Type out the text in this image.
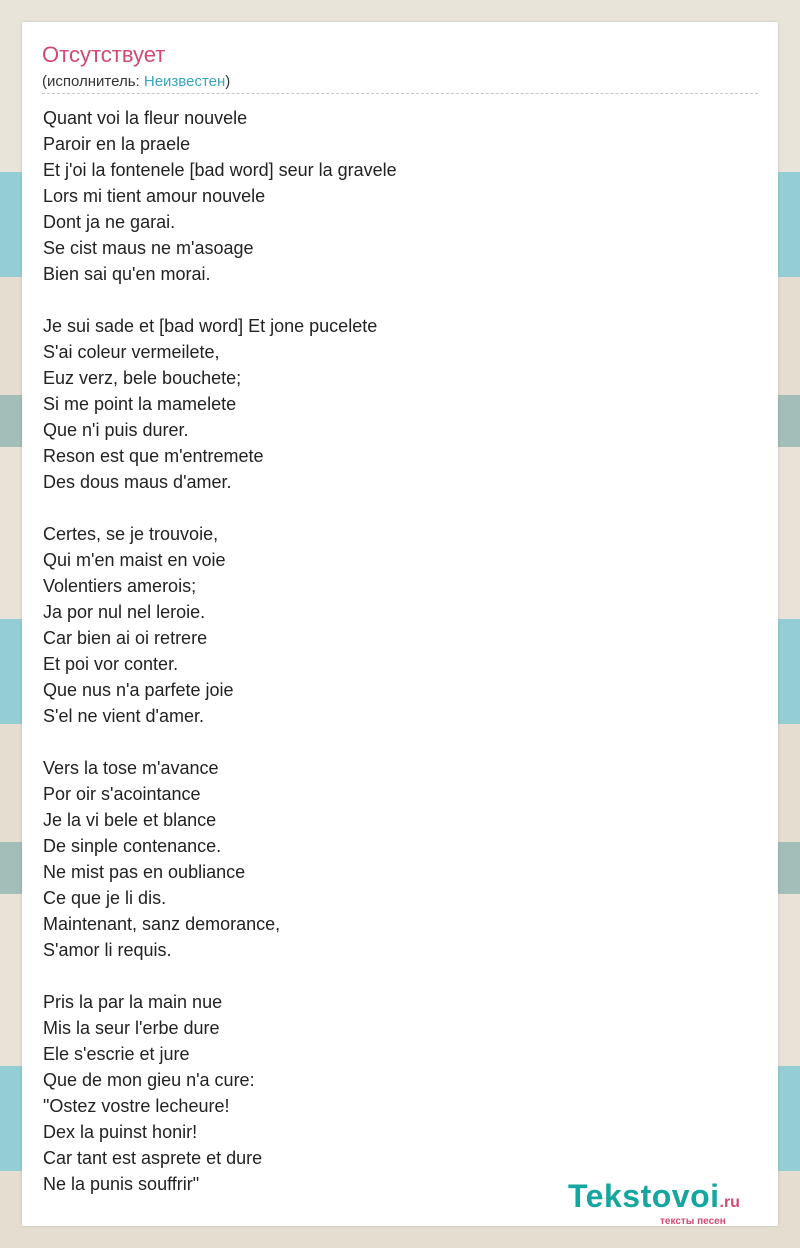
Отсутствует
(исполнитель: Неизвестен)
Quant voi la fleur nouvele
Paroir en la praele
Et j'oi la fontenele [bad word] seur la gravele
Lors mi tient amour nouvele
Dont ja ne garai.
Se cist maus ne m'asoage
Bien sai qu'en morai.
Je sui sade et [bad word] Et jone pucelete
S'ai coleur vermeilete,
Euz verz, bele bouchete;
Si me point la mamelete
Que n'i puis durer.
Reson est que m'entremete
Des dous maus d'amer.
Certes, se je trouvoie,
Qui m'en maist en voie
Volentiers amerois;
Ja por nul nel leroie.
Car bien ai oi retrere
Et poi vor conter.
Que nus n'a parfete joie
S'el ne vient d'amer.
Vers la tose m'avance
Por oir s'acointance
Je la vi bele et blance
De sinple contenance.
Ne mist pas en oubliance
Ce que je li dis.
Maintenant, sanz demorance,
S'amor li requis.
Pris la par la main nue
Mis la seur l'erbe dure
Ele s'escrie et jure
Que de mon gieu n'a cure:
"Ostez vostre lecheure!
Dex la puinst honir!
Car tant est asprete et dure
Ne la punis souffrir"	Tekstovoi.ru
тексты песен
